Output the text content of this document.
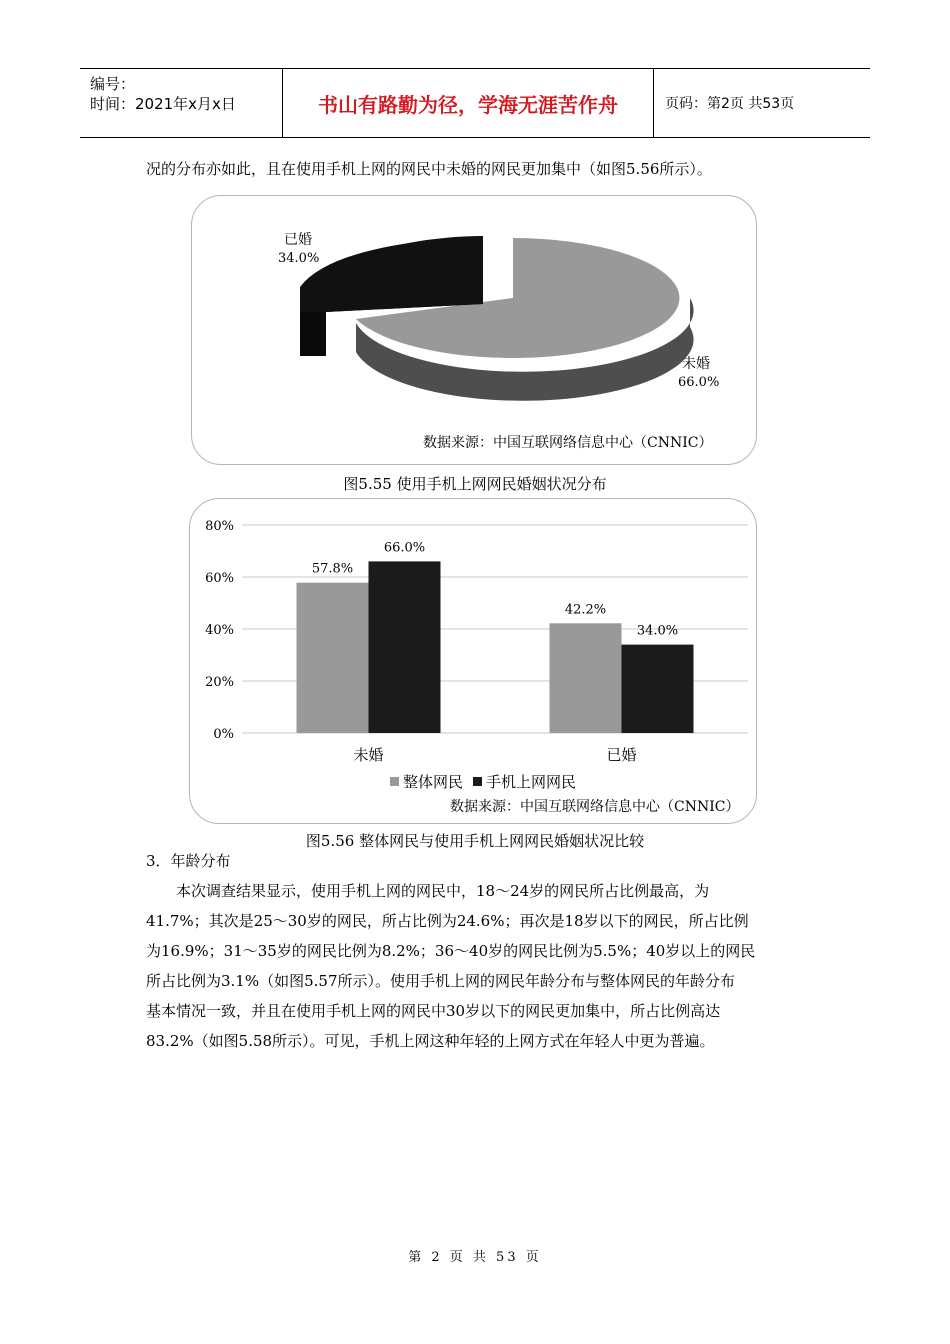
编号：
时间：2021年x月x日	书山有路勤为径，学海无涯苦作舟	页码：第2页 共53页
况的分布亦如此，且在使用手机上网的网民中未婚的网民更加集中（如图5.56所示）。
已婚
34.0%
未婚
66.0%
数据来源：中国互联网络信息中心（CNNIC）
图5.55 使用手机上网网民婚姻状况分布
0%
20%
40%
60%
80%
57.8%
66.0%
未婚
42.2%
34.0%
已婚
整体网民 手机上网网民
数据来源：中国互联网络信息中心（CNNIC）
图5.56 整体网民与使用手机上网网民婚姻状况比较
3．年龄分布
本次调查结果显示，使用手机上网的网民中，18～24岁的网民所占比例最高，为
41.7%；其次是25～30岁的网民，所占比例为24.6%；再次是18岁以下的网民，所占比例
为16.9%；31～35岁的网民比例为8.2%；36～40岁的网民比例为5.5%；40岁以上的网民
所占比例为3.1%（如图5.57所示）。使用手机上网的网民年龄分布与整体网民的年龄分布
基本情况一致，并且在使用手机上网的网民中30岁以下的网民更加集中，所占比例高达
83.2%（如图5.58所示）。可见，手机上网这种年轻的上网方式在年轻人中更为普遍。
第 2 页 共 53 页
